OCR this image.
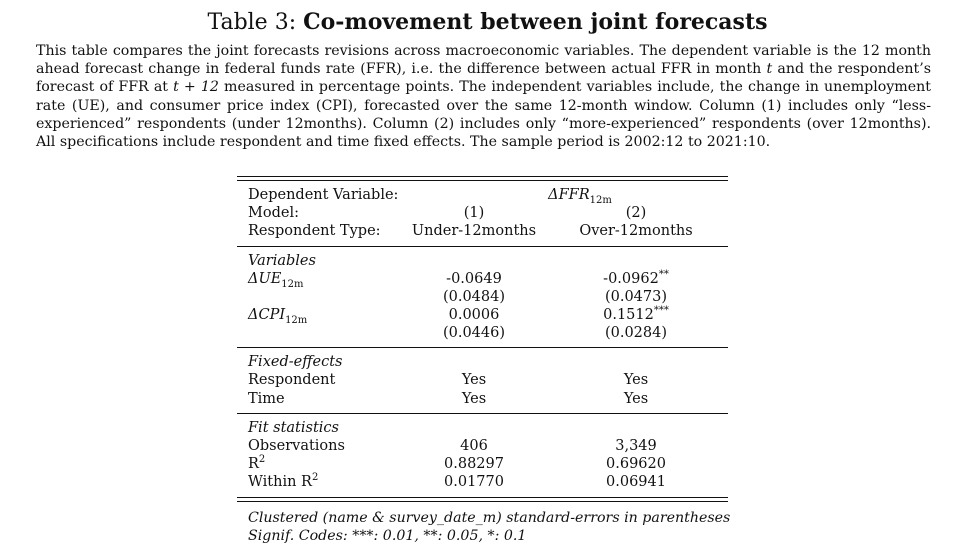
Table 3: Co-movement between joint forecasts
This table compares the joint forecasts revisions across macroeconomic variables. The dependent variable is the 12 month ahead forecast change in federal funds rate (FFR), i.e. the difference between actual FFR in month t and the respondent’s forecast of FFR at t + 12 measured in percentage points. The independent variables include, the change in unemployment rate (UE), and consumer price index (CPI), forecasted over the same 12-month window. Column (1) includes only “less-experienced” respondents (under 12months). Column (2) includes only “more-experienced” respondents (over 12months). All specifications include respondent and time fixed effects. The sample period is 2002:12 to 2021:10.
Dependent Variable:	$\Delta FFR_{12m}$
Model:	(1)	(2)
Respondent Type:	Under-12months	Over-12months
Variables
$\Delta UE_{12m}$	-0.0649	-0.0962**
(0.0484)	(0.0473)
$\Delta CPI_{12m}$	0.0006	0.1512***
(0.0446)	(0.0284)
Fixed-effects
Respondent	Yes	Yes
Time	Yes	Yes
Fit statistics
Observations	406	3,349
$R^2$	0.88297	0.69620
Within $R^2$	0.01770	0.06941
Clustered (name & survey_date_m) standard-errors in parentheses
Signif. Codes: ***: 0.01, **: 0.05, *: 0.1
